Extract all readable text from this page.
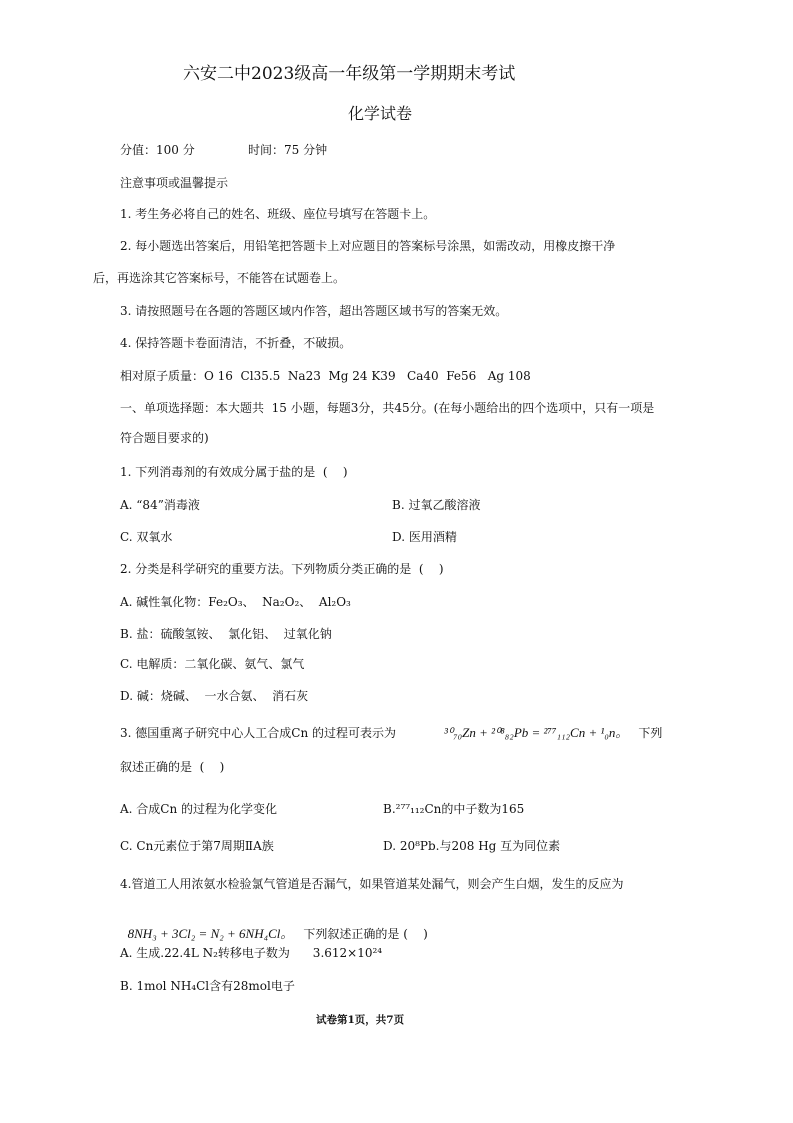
六安二中2023级高一年级第一学期期末考试
化学试卷
分值：100 分	时间：75 分钟
注意事项或温馨提示
1. 考生务必将自己的姓名、班级、座位号填写在答题卡上。
2. 每小题选出答案后，用铅笔把答题卡上对应题目的答案标号涂黑，如需改动，用橡皮擦干净
后，再选涂其它答案标号，不能答在试题卷上。
3. 请按照题号在各题的答题区域内作答，超出答题区域书写的答案无效。
4. 保持答题卡卷面清洁，不折叠，不破损。
相对原子质量：O 16  Cl35.5  Na23  Mg 24 K39   Ca40  Fe56   Ag 108
一、单项选择题：本大题共  15 小题，每题3分，共45分。(在每小题给出的四个选项中，只有一项是
符合题目要求的)
1. 下列消毒剂的有效成分属于盐的是  (    )
A. “84”消毒液	B. 过氧乙酸溶液
C. 双氧水	D. 医用酒精
2. 分类是科学研究的重要方法。下列物质分类正确的是  (    )
A. 碱性氧化物：Fe₂O₃、  Na₂O₂、  Al₂O₃
B. 盐：硫酸氢铵、  氯化铝、  过氧化钠
C. 电解质：二氧化碳、氨气、氯气
D. 碱：烧碱、  一水合氨、  消石灰
3. 德国重离子研究中心人工合成Cn 的过程可表示为	³⁰₇₀Zn + ²⁰⁸₈₂Pb = ²⁷⁷₁₁₂Cn + ¹₀n。 下列
叙述正确的是  (    )
A. 合成Cn 的过程为化学变化	B.²⁷⁷₁₁₂Cn的中子数为165
C. Cn元素位于第7周期ⅡA族	D. 20⁸Pb.与208 Hg 互为同位素
4.管道工人用浓氨水检验氯气管道是否漏气，如果管道某处漏气，则会产生白烟，发生的反应为

8NH₃ + 3Cl₂ = N₂ + 6NH₄Cl。 下列叙述正确的是 (    )

A. 生成.22.4L N₂转移电子数为      3.612×10²⁴
B. 1mol NH₄Cl含有28mol电子
试卷第1页，共7页
